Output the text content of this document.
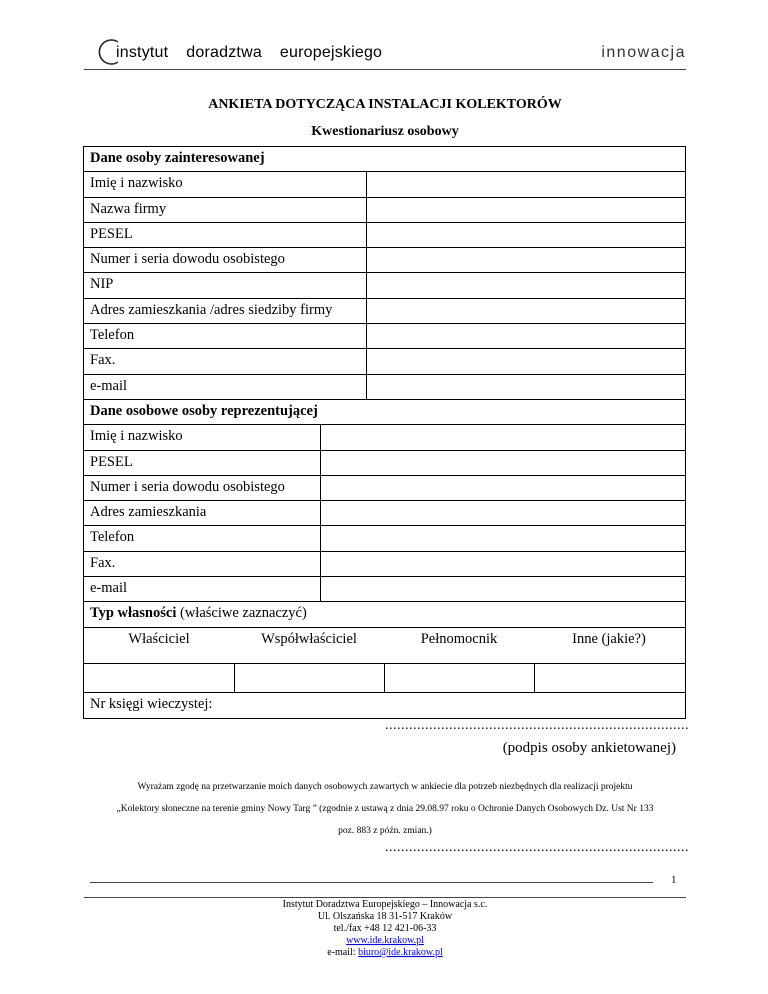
instytut doradztwa europejskiego	innowacja
ANKIETA DOTYCZĄCA INSTALACJI KOLEKTORÓW
Kwestionariusz osobowy
Dane osoby zainteresowanej
Imię i nazwisko
Nazwa firmy
PESEL
Numer i seria dowodu osobistego
NIP
Adres zamieszkania /adres siedziby firmy
Telefon
Fax.
e-mail
Dane osobowe osoby reprezentującej
Imię i nazwisko
PESEL
Numer i seria dowodu osobistego
Adres zamieszkania
Telefon
Fax.
e-mail
Typ własności (właściwe zaznaczyć)
Właściciel	Współwłaściciel	Pełnomocnik	Inne (jakie?)
Nr księgi wieczystej:
............................................................................
(podpis osoby ankietowanej)
Wyrażam zgodę na przetwarzanie moich danych osobowych zawartych w ankiecie dla potrzeb niezbędnych dla realizacji projektu
„Kolektory słoneczne na terenie gminy Nowy Targ ” (zgodnie z ustawą z dnia 29.08.97 roku o Ochronie Danych Osobowych Dz. Ust Nr 133
poz. 883 z późn. zmian.)
............................................................................
1
Instytut Doradztwa Europejskiego – Innowacja s.c.
Ul. Olszańska 18 31-517 Kraków
tel./fax +48 12 421-06-33
www.ide.krakow.pl
e-mail: biuro@ide.krakow.pl
